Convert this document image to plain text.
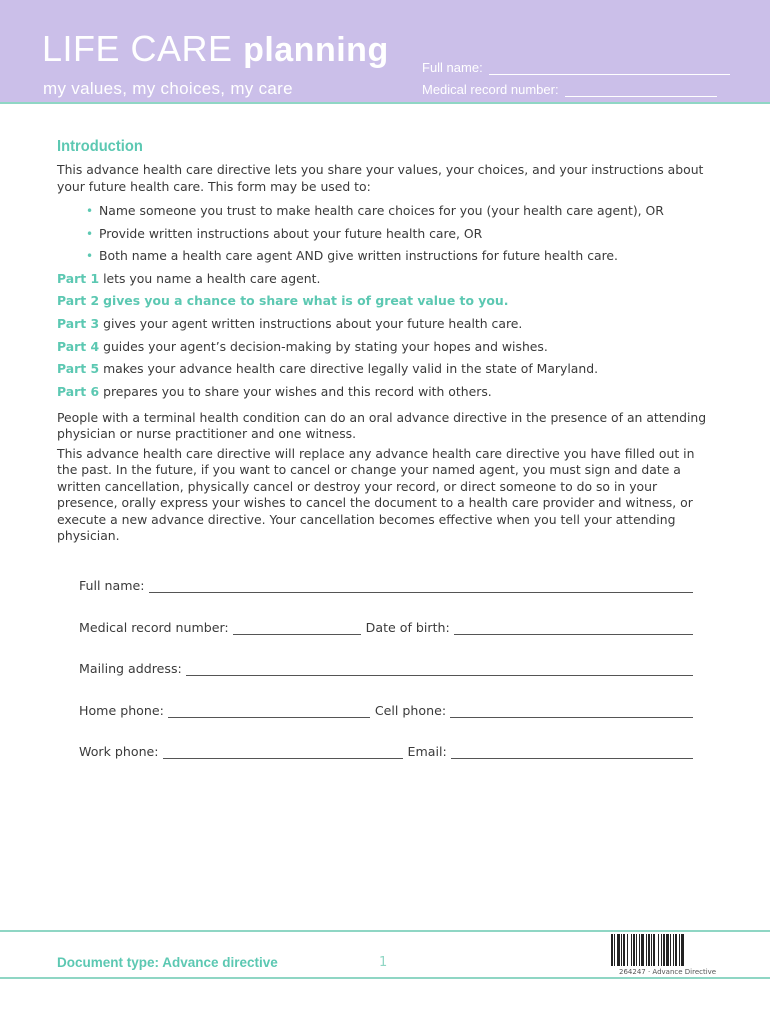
LIFE CARE planning
my values, my choices, my care
Full name:
Medical record number:
Introduction

This advance health care directive lets you share your values, your choices, and your instructions about your future health care. This form may be used to:

• Name someone you trust to make health care choices for you (your health care agent), OR
• Provide written instructions about your future health care, OR
• Both name a health care agent AND give written instructions for future health care.
Part 1 lets you name a health care agent.
Part 2 gives you a chance to share what is of great value to you.
Part 3 gives your agent written instructions about your future health care.
Part 4 guides your agent’s decision-making by stating your hopes and wishes.
Part 5 makes your advance health care directive legally valid in the state of Maryland.
Part 6 prepares you to share your wishes and this record with others.

People with a terminal health condition can do an oral advance directive in the presence of an attending physician or nurse practitioner and one witness.

This advance health care directive will replace any advance health care directive you have filled out in the past. In the future, if you want to cancel or change your named agent, you must sign and date a written cancellation, physically cancel or destroy your record, or direct someone to do so in your presence, orally express your wishes to cancel the document to a health care provider and witness, or execute a new advance directive. Your cancellation becomes effective when you tell your attending physician.

Full name:
Medical record number:	Date of birth:
Mailing address:
Home phone:	Cell phone:
Work phone:	Email:
Document type: Advance directive	1
264247 · Advance Directive
